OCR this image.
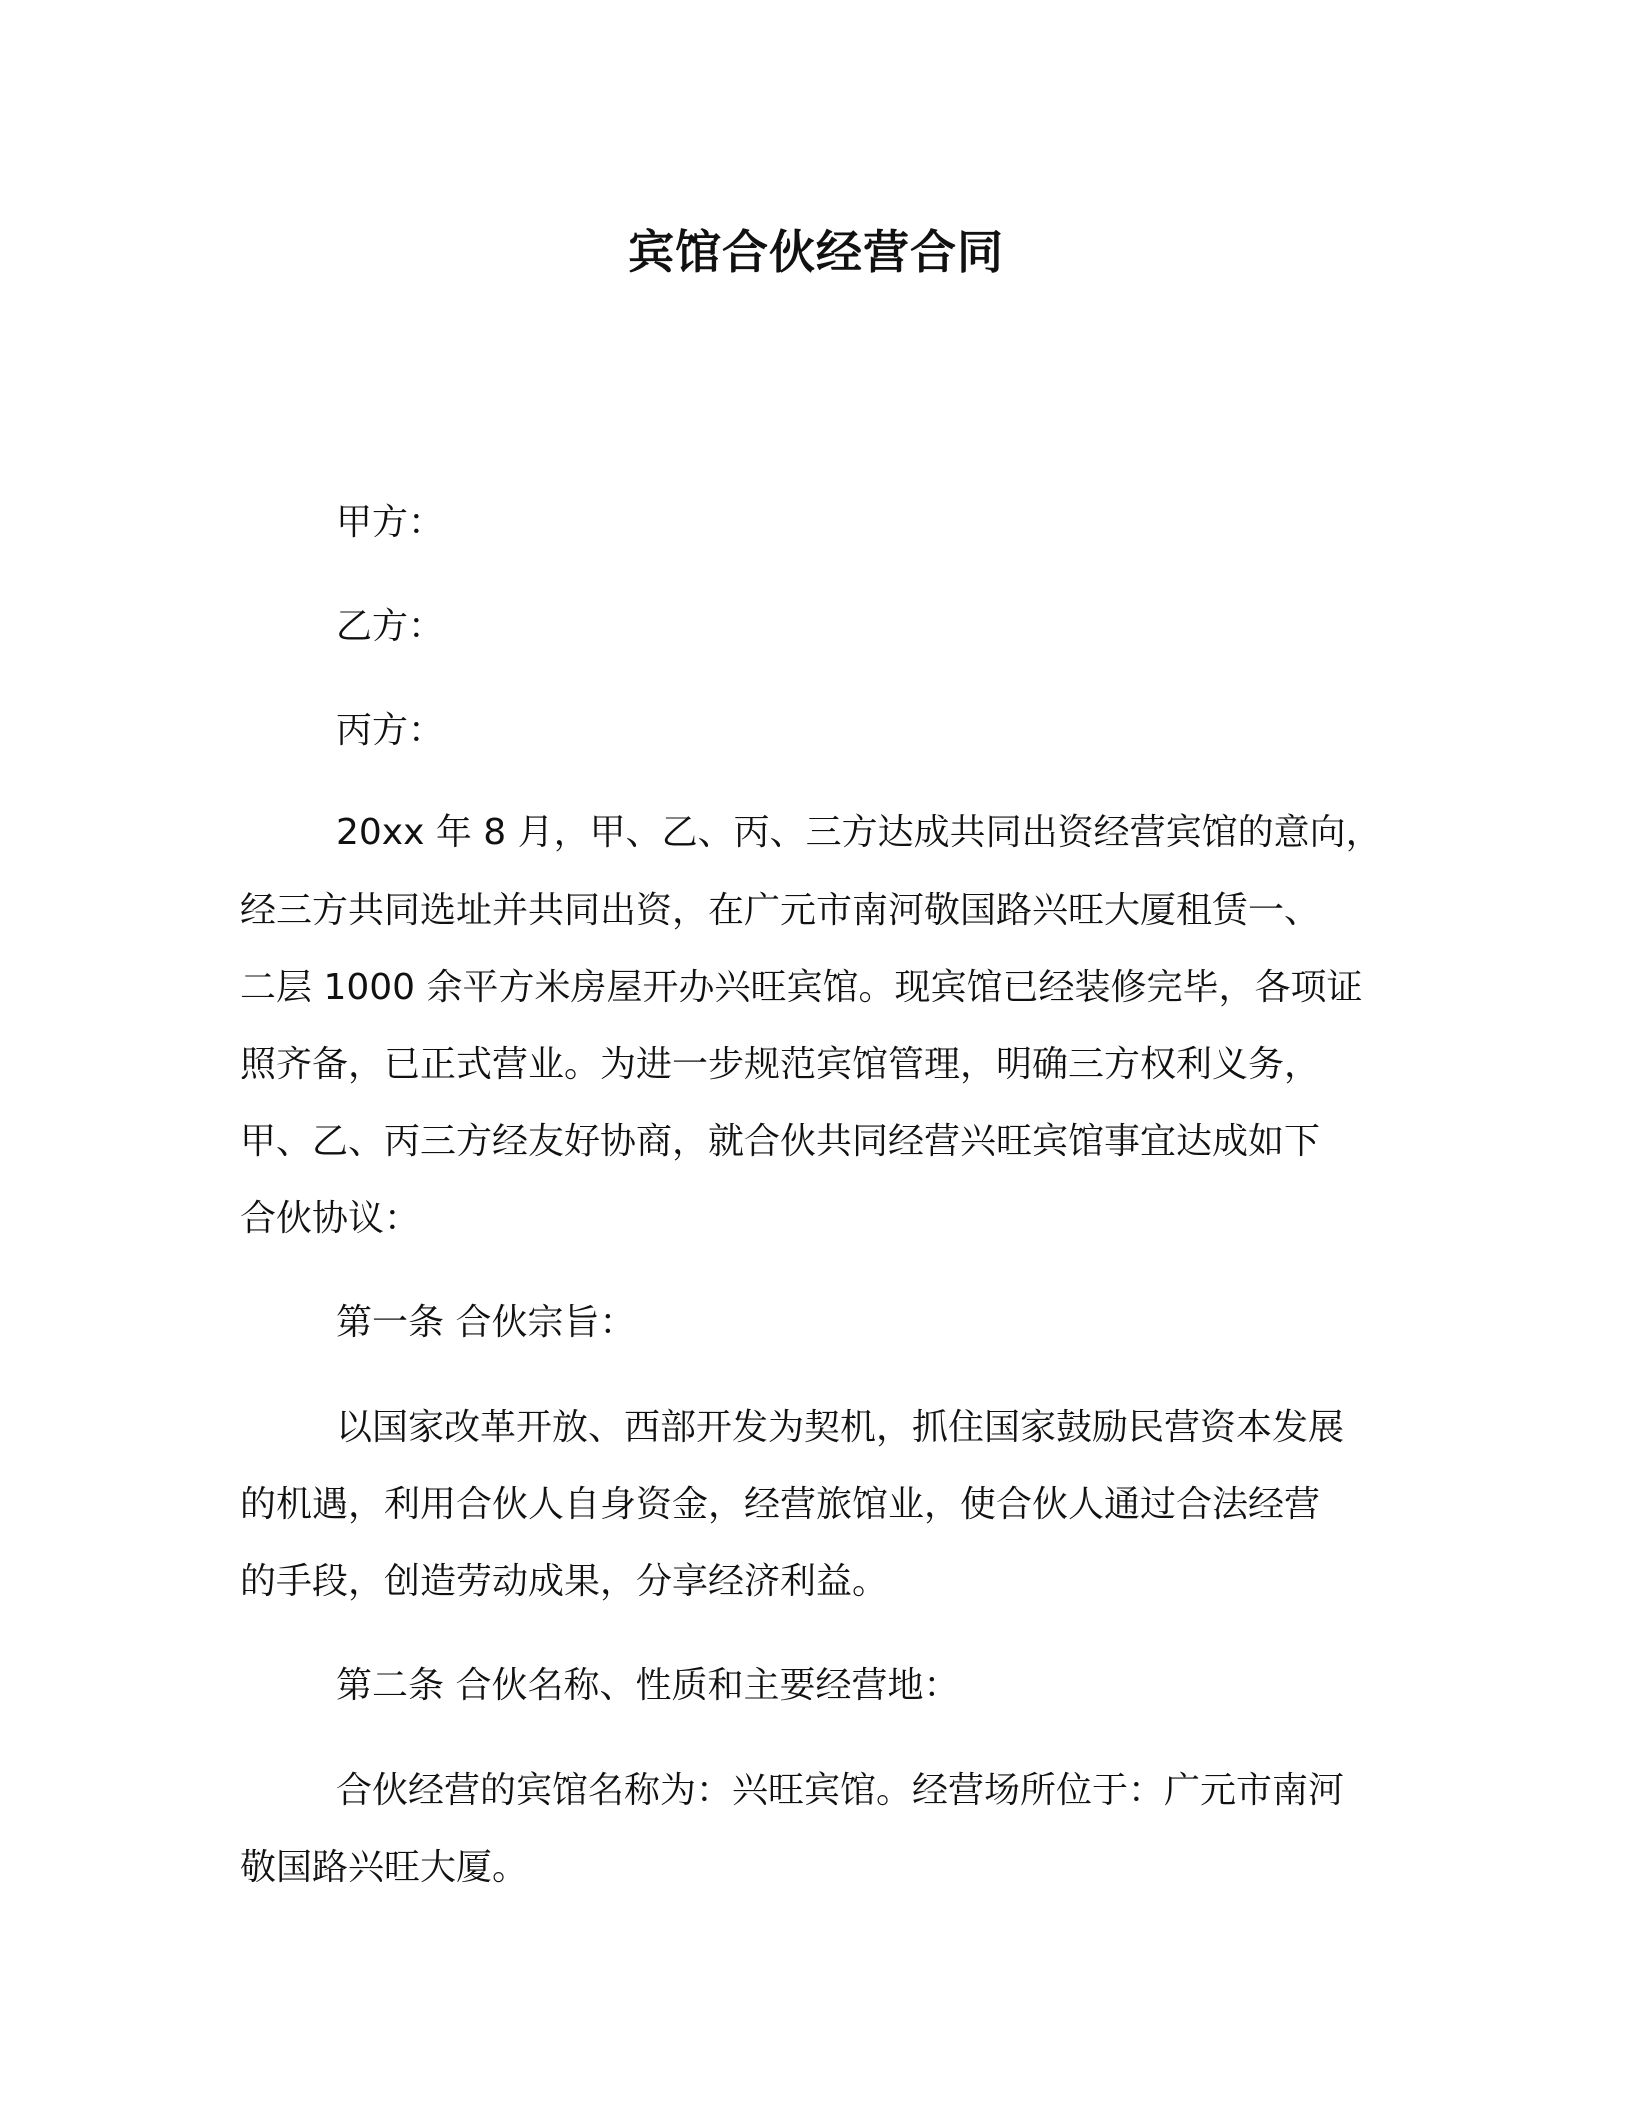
宾馆合伙经营合同

甲方：

乙方：

丙方：

20xx 年 8 月，甲、乙、丙、三方达成共同出资经营宾馆的意向，

经三方共同选址并共同出资，在广元市南河敬国路兴旺大厦租赁一、

二层 1000 余平方米房屋开办兴旺宾馆。现宾馆已经装修完毕，各项证

照齐备，已正式营业。为进一步规范宾馆管理，明确三方权利义务，

甲、乙、丙三方经友好协商，就合伙共同经营兴旺宾馆事宜达成如下

合伙协议：

第一条 合伙宗旨：

以国家改革开放、西部开发为契机，抓住国家鼓励民营资本发展

的机遇，利用合伙人自身资金，经营旅馆业，使合伙人通过合法经营

的手段，创造劳动成果，分享经济利益。

第二条 合伙名称、性质和主要经营地：

合伙经营的宾馆名称为：兴旺宾馆。经营场所位于：广元市南河

敬国路兴旺大厦。
